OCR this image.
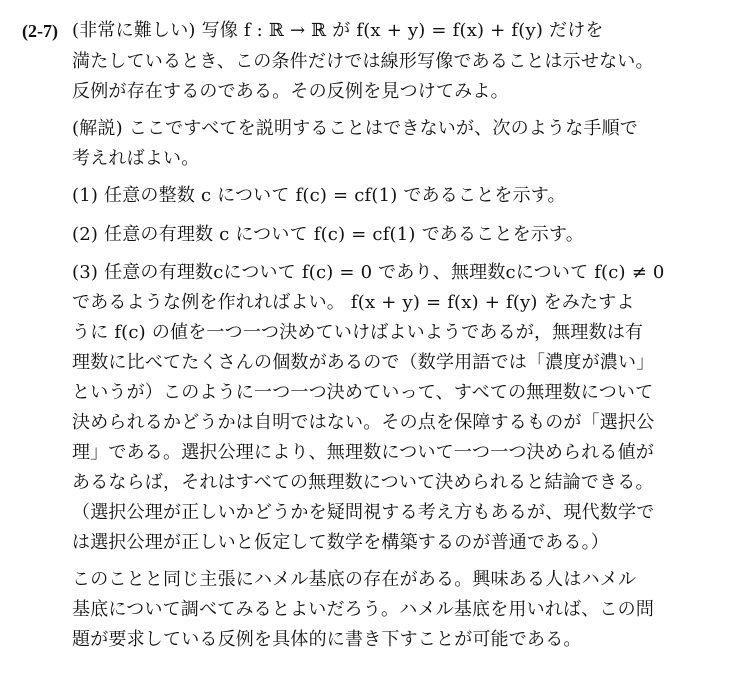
(2-7) (非常に難しい) 写像 f : ℝ → ℝ が f(x + y) = f(x) + f(y) だけを
満たしているとき、この条件だけでは線形写像であることは示せない。
反例が存在するのである。その反例を見つけてみよ。
(解説) ここですべてを説明することはできないが、次のような手順で
考えればよい。
(1) 任意の整数 c について f(c) = cf(1) であることを示す。
(2) 任意の有理数 c について f(c) = cf(1) であることを示す。
(3) 任意の有理数cについて f(c) = 0 であり、無理数cについて f(c) ≠ 0
であるような例を作れればよい。 f(x + y) = f(x) + f(y) をみたすよ
うに f(c) の値を一つ一つ決めていけばよいようであるが，無理数は有
理数に比べてたくさんの個数があるので（数学用語では「濃度が濃い」
というが）このように一つ一つ決めていって、すべての無理数について
決められるかどうかは自明ではない。その点を保障するものが「選択公
理」である。選択公理により、無理数について一つ一つ決められる値が
あるならば，それはすべての無理数について決められると結論できる。
（選択公理が正しいかどうかを疑問視する考え方もあるが、現代数学で
は選択公理が正しいと仮定して数学を構築するのが普通である。）
このことと同じ主張にハメル基底の存在がある。興味ある人はハメル
基底について調べてみるとよいだろう。ハメル基底を用いれば、この問
題が要求している反例を具体的に書き下すことが可能である。
